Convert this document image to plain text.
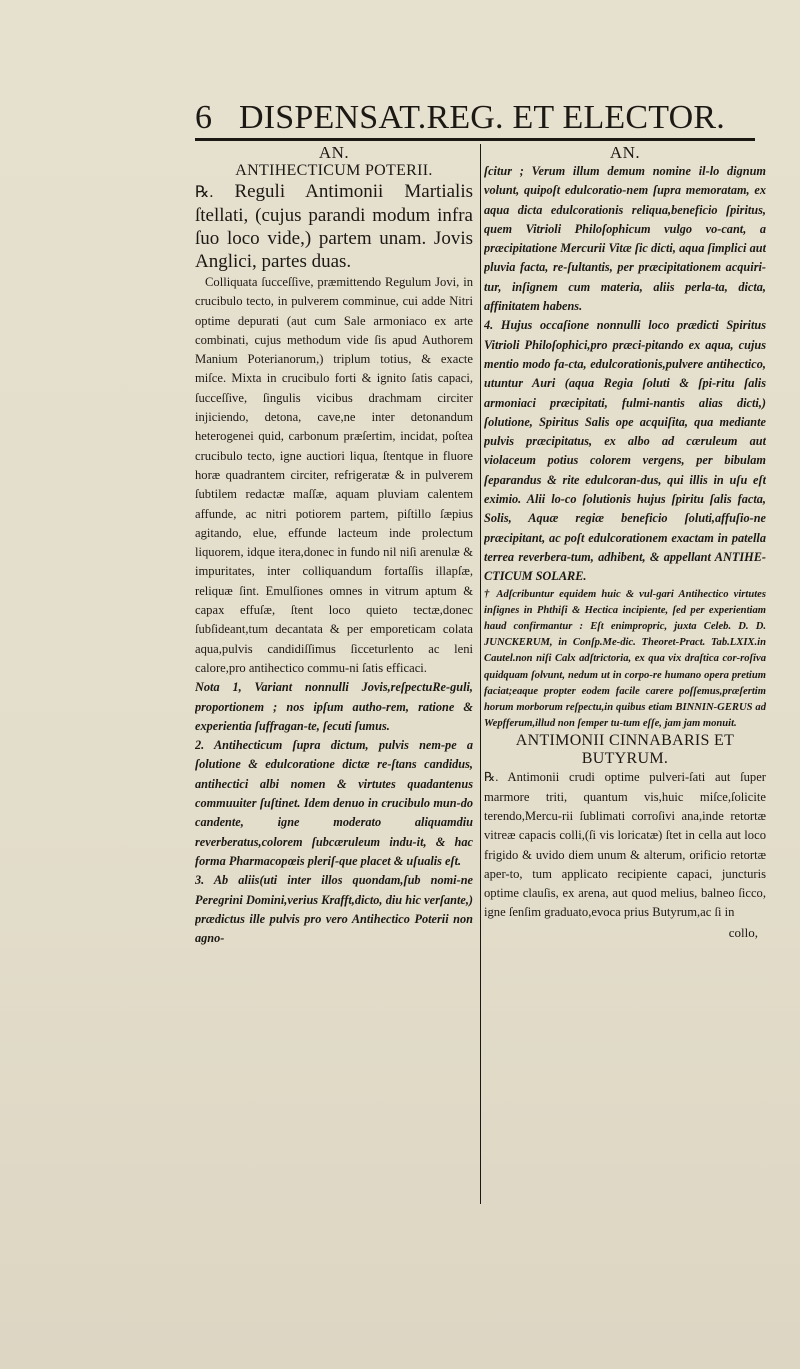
6 DISPENSAT.REG. ET ELECTOR.

AN.

ANTIHECTICUM POTERII.

℞. Reguli Antimonii Martialis ſtellati, (cujus parandi modum infra ſuo loco vide,) partem unam. Jovis Anglici, partes duas.

Colliquata ſucceſſive, præmittendo Regulum Jovi, in crucibulo tecto, in pulverem comminue, cui adde Nitri optime depurati (aut cum Sale armoniaco ex arte combinati, cujus methodum vide ſis apud Authorem Manium Poterianorum,) triplum totius, & exacte miſce. Mixta in crucibulo forti & ignito ſatis capaci, ſucceſſive, ſingulis vicibus drachmam circiter injiciendo, detona, cave,ne inter detonandum heterogenei quid, carbonum præſertim, incidat, poſtea crucibulo tecto, igne auctiori liqua, ſtentque in fluore horæ quadrantem circiter, refrigeratæ & in pulverem ſubtilem redactæ maſſæ, aquam pluviam calentem affunde, ac nitri potiorem partem, piſtillo ſæpius agitando, elue, effunde lacteum inde prolectum liquorem, idque itera,donec in fundo nil niſi arenulæ & impuritates, inter colliquandum fortaſſis illapſæ, reliquæ ſint. Emulſiones omnes in vitrum aptum & capax effuſæ, ſtent loco quieto tectæ,donec ſubſideant,tum decantata & per emporeticam colata aqua,pulvis candidiſſimus ſicceturlento ac leni calore,pro antihectico commu-ni ſatis efficaci.

Nota 1, Variant nonnulli Jovis,reſpectuRe-guli, proportionem ; nos ipſum autho-rem, ratione & experientia ſuffragan-te, ſecuti ſumus.

2. Antihecticum ſupra dictum, pulvis nem-pe a ſolutione & edulcoratione dictæ re-ſtans candidus, antihectici albi nomen & virtutes quadantenus commuuiter ſuſtinet. Idem denuo in crucibulo mun-do candente, igne moderato aliquamdiu reverberatus,colorem ſubcæruleum indu-it, & hac forma Pharmacopœis pleriſ-que placet & uſualis eſt.

3. Ab aliis(uti inter illos quondam,ſub nomi-ne Peregrini Domini,verius Krafft,dicto, diu hic verſante,) prædictus ille pulvis pro vero Antihectico Poterii non agno-

AN.

ſcitur ; Verum illum demum nomine il-lo dignum volunt, quipoſt edulcoratio-nem ſupra memoratam, ex aqua dicta edulcorationis reliqua,beneficio ſpiritus, quem Vitrioli Philoſophicum vulgo vo-cant, a præcipitatione Mercurii Vitæ ſic dicti, aqua ſimplici aut pluvia facta, re-ſultantis, per præcipitationem acquiri-tur, inſignem cum materia, aliis perla-ta, dicta, affinitatem habens.

4. Hujus occaſione nonnulli loco prædicti Spiritus Vitrioli Philoſophici,pro præci-pitando ex aqua, cujus mentio modo fa-cta, edulcorationis,pulvere antihectico, utuntur Auri (aqua Regia ſoluti & ſpi-ritu ſalis armoniaci præcipitati, fulmi-nantis alias dicti,) ſolutione, Spiritus Salis ope acquiſita, qua mediante pulvis præcipitatus, ex albo ad cæruleum aut violaceum potius colorem vergens, per bibulam ſeparandus & rite edulcoran-dus, qui illis in uſu eſt eximio. Alii lo-co ſolutionis hujus ſpiritu ſalis facta, Solis, Aquæ regiæ beneficio ſoluti,affuſio-ne præcipitant, ac poſt edulcorationem exactam in patella terrea reverbera-tum, adhibent, & appellant ANTIHE-CTICUM SOLARE.

† Adſcribuntur equidem huic & vul-gari Antihectico virtutes inſignes in Phthiſi & Hectica incipiente, ſed per experientiam haud confirmantur : Eſt enimpropric, juxta Celeb. D. D. JUNCKERUM, in Conſp.Me-dic. Theoret-Pract. Tab.LXIX.in Cautel.non niſi Calx adſtrictoria, ex qua vix draſtica cor-roſiva quidquam ſolvunt, nedum ut in corpo-re humano opera pretium faciat;eaque propter eodem facile carere poſſemus,præſertim horum morborum reſpectu,in quibus etiam BINNIN-GERUS ad Wepfferum,illud non ſemper tu-tum eſſe, jam jam monuit.

ANTIMONII CINNABARIS ET BUTYRUM.

℞. Antimonii crudi optime pulveri-ſati aut ſuper marmore triti, quantum vis,huic miſce,ſolicite terendo,Mercu-rii ſublimati corroſivi ana,inde retortæ vitreæ capacis colli,(ſi vis loricatæ) ſtet in cella aut loco frigido & uvido diem unum & alterum, orificio retortæ aper-to, tum applicato recipiente capaci, juncturis optime clauſis, ex arena, aut quod melius, balneo ſicco, igne ſenſim graduato,evoca prius Butyrum,ac ſi in

collo,
